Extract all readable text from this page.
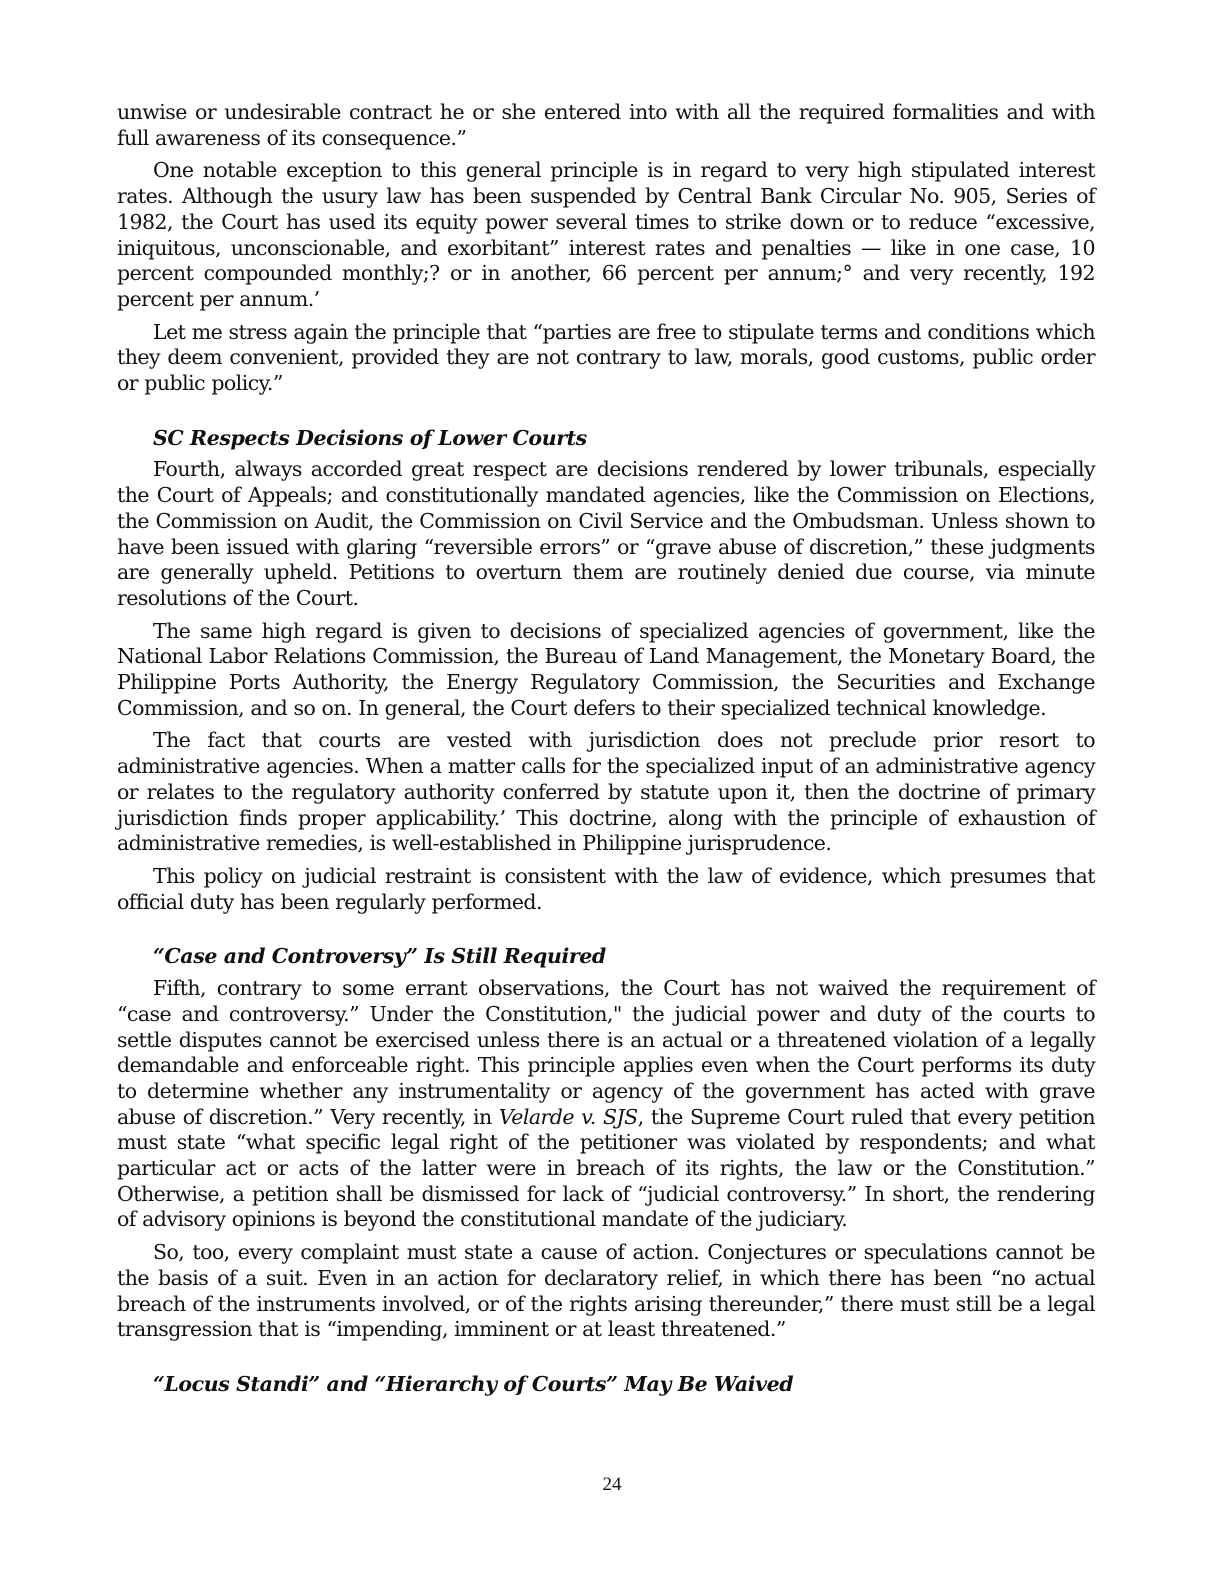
unwise or undesirable contract he or she entered into with all the required formalities and with full awareness of its consequence.”

One notable exception to this general principle is in regard to very high stipulated interest rates. Although the usury law has been suspended by Central Bank Circular No. 905, Series of 1982, the Court has used its equity power several times to strike down or to reduce “excessive, iniquitous, unconscionable, and exorbitant” interest rates and penalties — like in one case, 10 percent compounded monthly;? or in another, 66 percent per annum;° and very recently, 192 percent per annum.’

Let me stress again the principle that “parties are free to stipulate terms and conditions which they deem convenient, provided they are not contrary to law, morals, good customs, public order or public policy.”

SC Respects Decisions of Lower Courts

Fourth, always accorded great respect are decisions rendered by lower tribunals, especially the Court of Appeals; and constitutionally mandated agencies, like the Commission on Elections, the Commission on Audit, the Commission on Civil Service and the Ombudsman. Unless shown to have been issued with glaring “reversible errors” or “grave abuse of discretion,” these judgments are generally upheld. Petitions to overturn them are routinely denied due course, via minute resolutions of the Court.

The same high regard is given to decisions of specialized agencies of government, like the National Labor Relations Commission, the Bureau of Land Management, the Monetary Board, the Philippine Ports Authority, the Energy Regulatory Commission, the Securities and Exchange Commission, and so on. In general, the Court defers to their specialized technical knowledge.

The fact that courts are vested with jurisdiction does not preclude prior resort to administrative agencies. When a matter calls for the specialized input of an administrative agency or relates to the regulatory authority conferred by statute upon it, then the doctrine of primary jurisdiction finds proper applicability.’ This doctrine, along with the principle of exhaustion of administrative remedies, is well-established in Philippine jurisprudence.

This policy on judicial restraint is consistent with the law of evidence, which presumes that official duty has been regularly performed.

“Case and Controversy” Is Still Required

Fifth, contrary to some errant observations, the Court has not waived the requirement of “case and controversy.” Under the Constitution," the judicial power and duty of the courts to settle disputes cannot be exercised unless there is an actual or a threatened violation of a legally demandable and enforceable right. This principle applies even when the Court performs its duty to determine whether any instrumentality or agency of the government has acted with grave abuse of discretion.” Very recently, in Velarde v. SJS, the Supreme Court ruled that every petition must state “what specific legal right of the petitioner was violated by respondents; and what particular act or acts of the latter were in breach of its rights, the law or the Constitution.” Otherwise, a petition shall be dismissed for lack of “judicial controversy.” In short, the rendering of advisory opinions is beyond the constitutional mandate of the judiciary.

So, too, every complaint must state a cause of action. Conjectures or speculations cannot be the basis of a suit. Even in an action for declaratory relief, in which there has been “no actual breach of the instruments involved, or of the rights arising thereunder,” there must still be a legal transgression that is “impending, imminent or at least threatened.”

“Locus Standi” and “Hierarchy of Courts” May Be Waived
24
